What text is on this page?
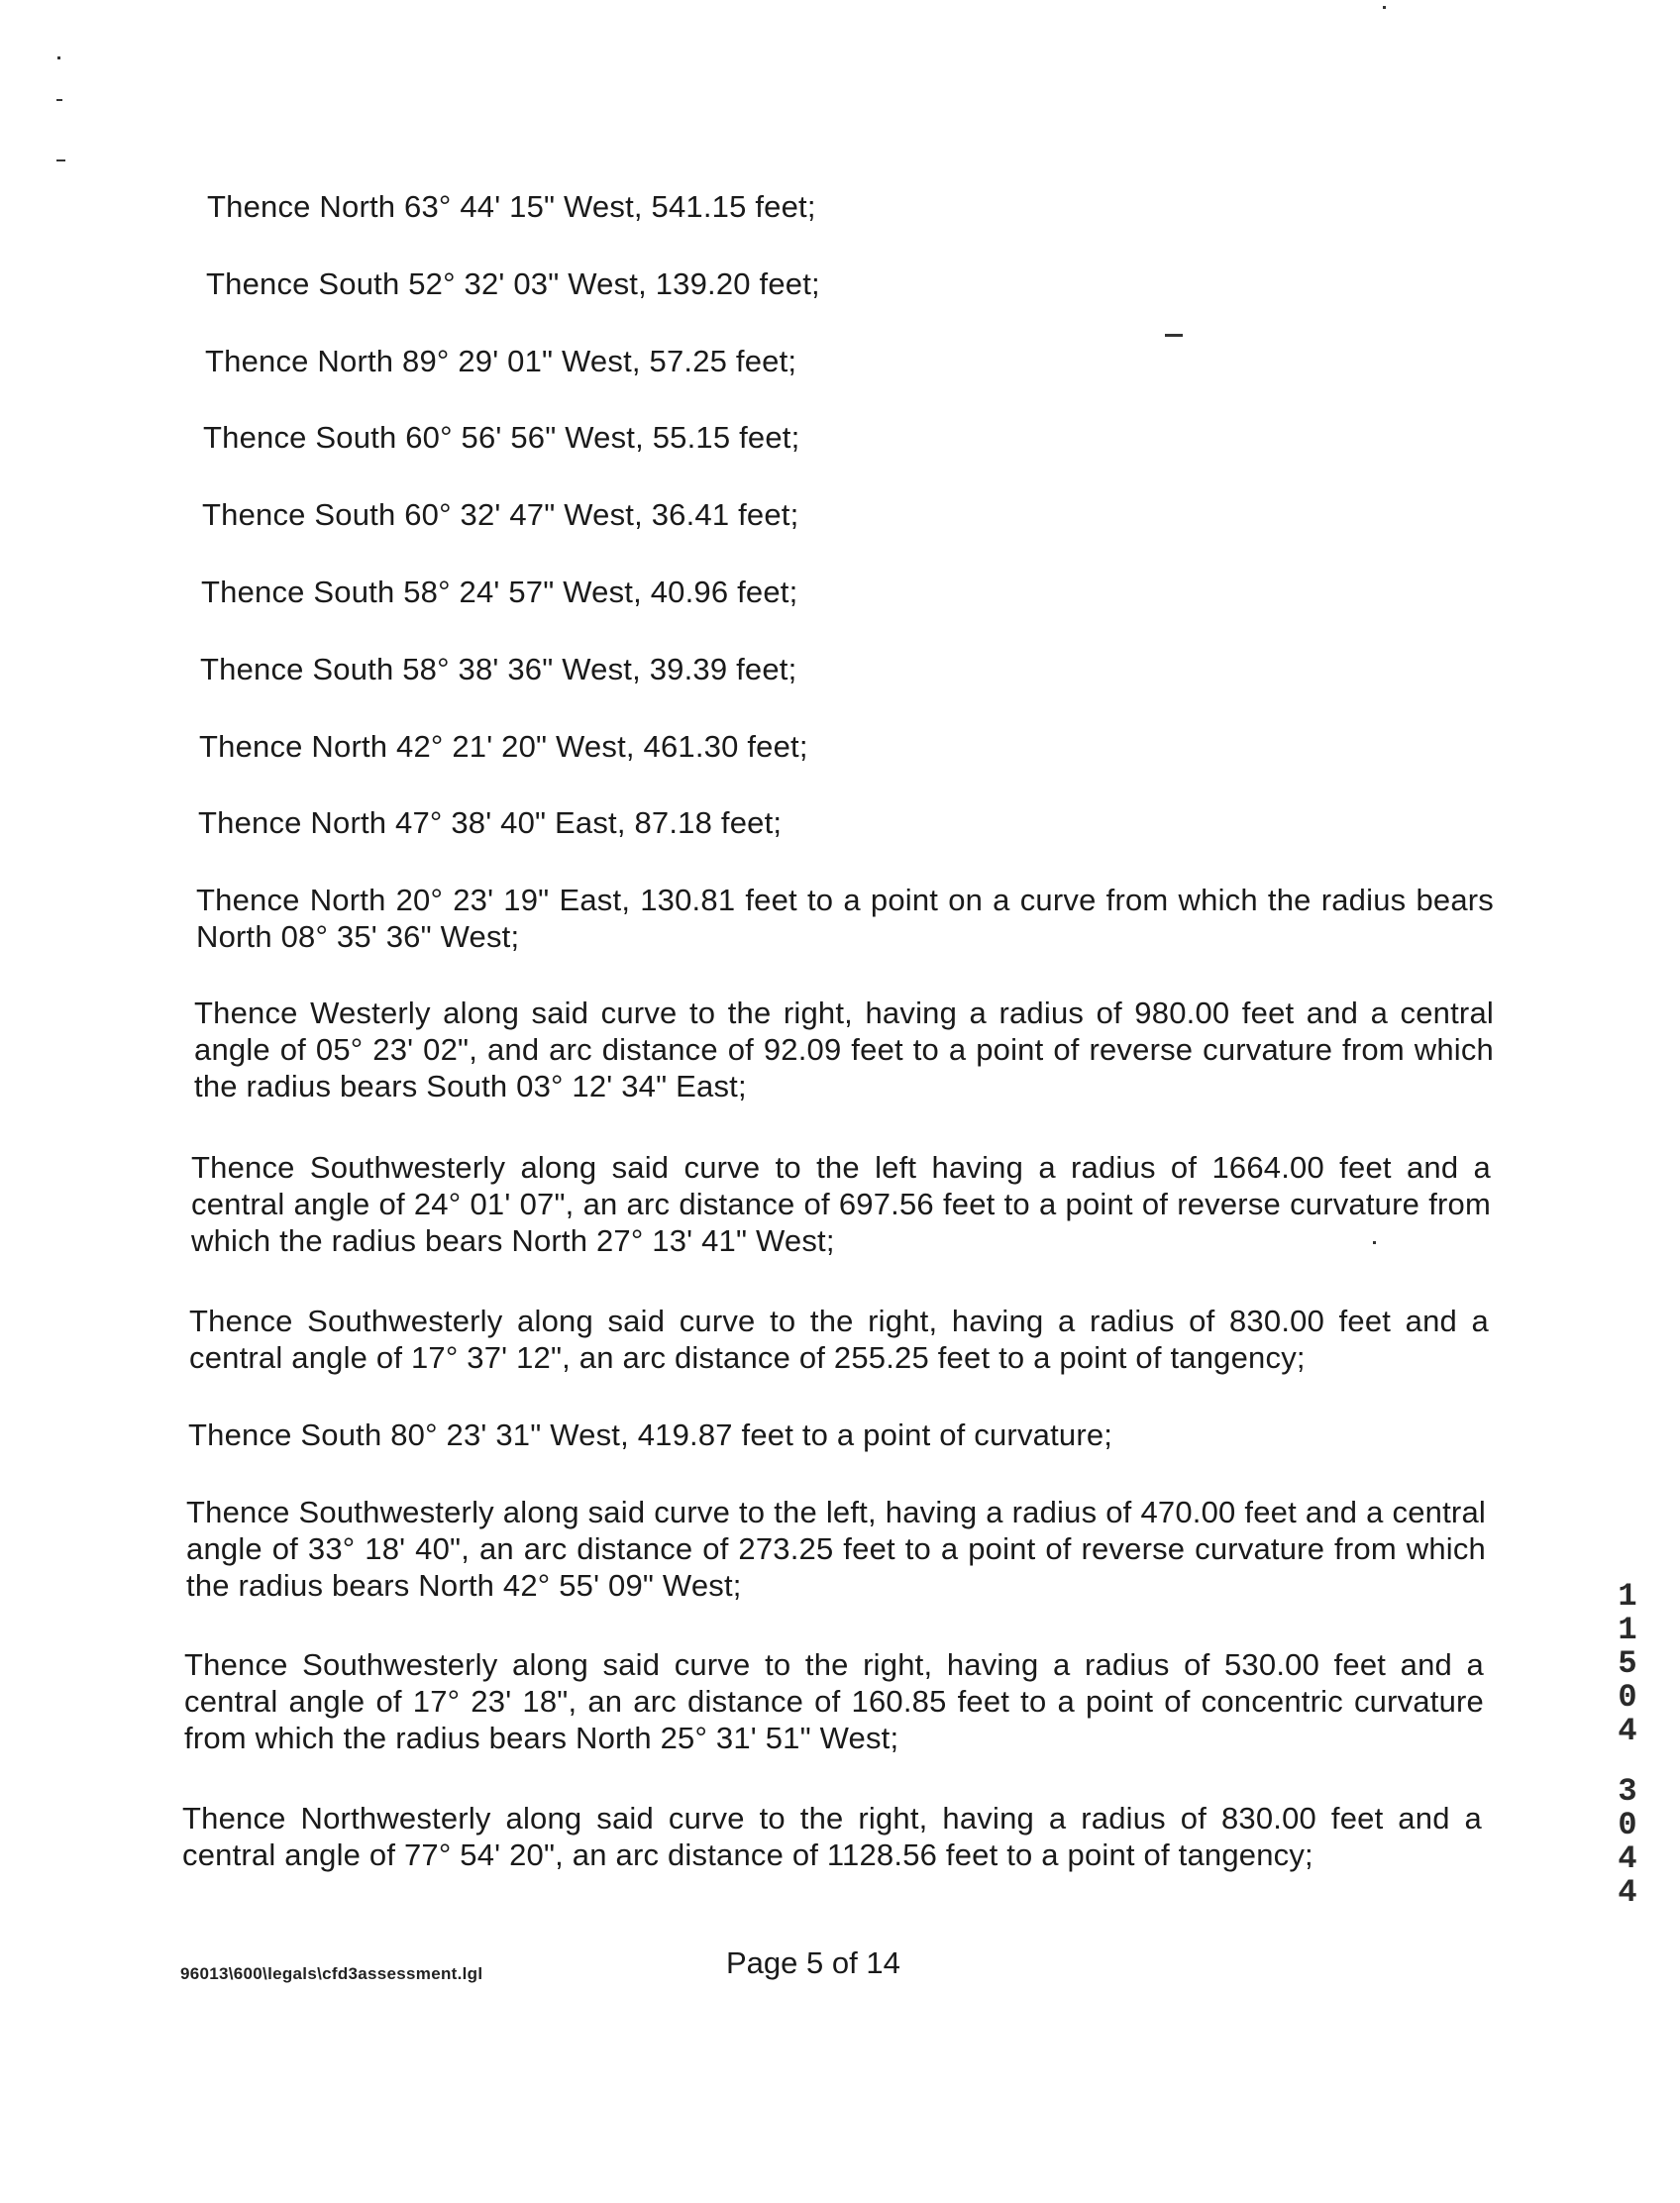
Thence North 63° 44' 15" West, 541.15 feet;

Thence South 52° 32' 03" West, 139.20 feet;

Thence North 89° 29' 01" West, 57.25 feet;

Thence South 60° 56' 56" West, 55.15 feet;

Thence South 60° 32' 47" West, 36.41 feet;

Thence South 58° 24' 57" West, 40.96 feet;

Thence South 58° 38' 36" West, 39.39 feet;

Thence North 42° 21' 20" West, 461.30 feet;

Thence North 47° 38' 40" East, 87.18 feet;

Thence North 20° 23' 19" East, 130.81 feet to a point on a curve from which the radius bears North 08° 35' 36" West;

Thence Westerly along said curve to the right, having a radius of 980.00 feet and a central angle of 05° 23' 02", and arc distance of 92.09 feet to a point of reverse curvature from which the radius bears South 03° 12' 34" East;

Thence Southwesterly along said curve to the left having a radius of 1664.00 feet and a central angle of 24° 01' 07", an arc distance of 697.56 feet to a point of reverse curvature from which the radius bears North 27° 13' 41" West;

Thence Southwesterly along said curve to the right, having a radius of 830.00 feet and a central angle of 17° 37' 12", an arc distance of 255.25 feet to a point of tangency;

Thence South 80° 23' 31" West, 419.87 feet to a point of curvature;

Thence Southwesterly along said curve to the left, having a radius of 470.00 feet and a central angle of 33° 18' 40", an arc distance of 273.25 feet to a point of reverse curvature from which the radius bears North 42° 55' 09" West;

Thence Southwesterly along said curve to the right, having a radius of 530.00 feet and a central angle of 17° 23' 18", an arc distance of 160.85 feet to a point of concentric curvature from which the radius bears North 25° 31' 51" West;

Thence Northwesterly along said curve to the right, having a radius of 830.00 feet and a central angle of 77° 54' 20", an arc distance of 1128.56 feet to a point of tangency;

96013\600\legals\cfd3assessment.lgl	Page 5 of 14
1
1
5
0
4
3
0
4
4
